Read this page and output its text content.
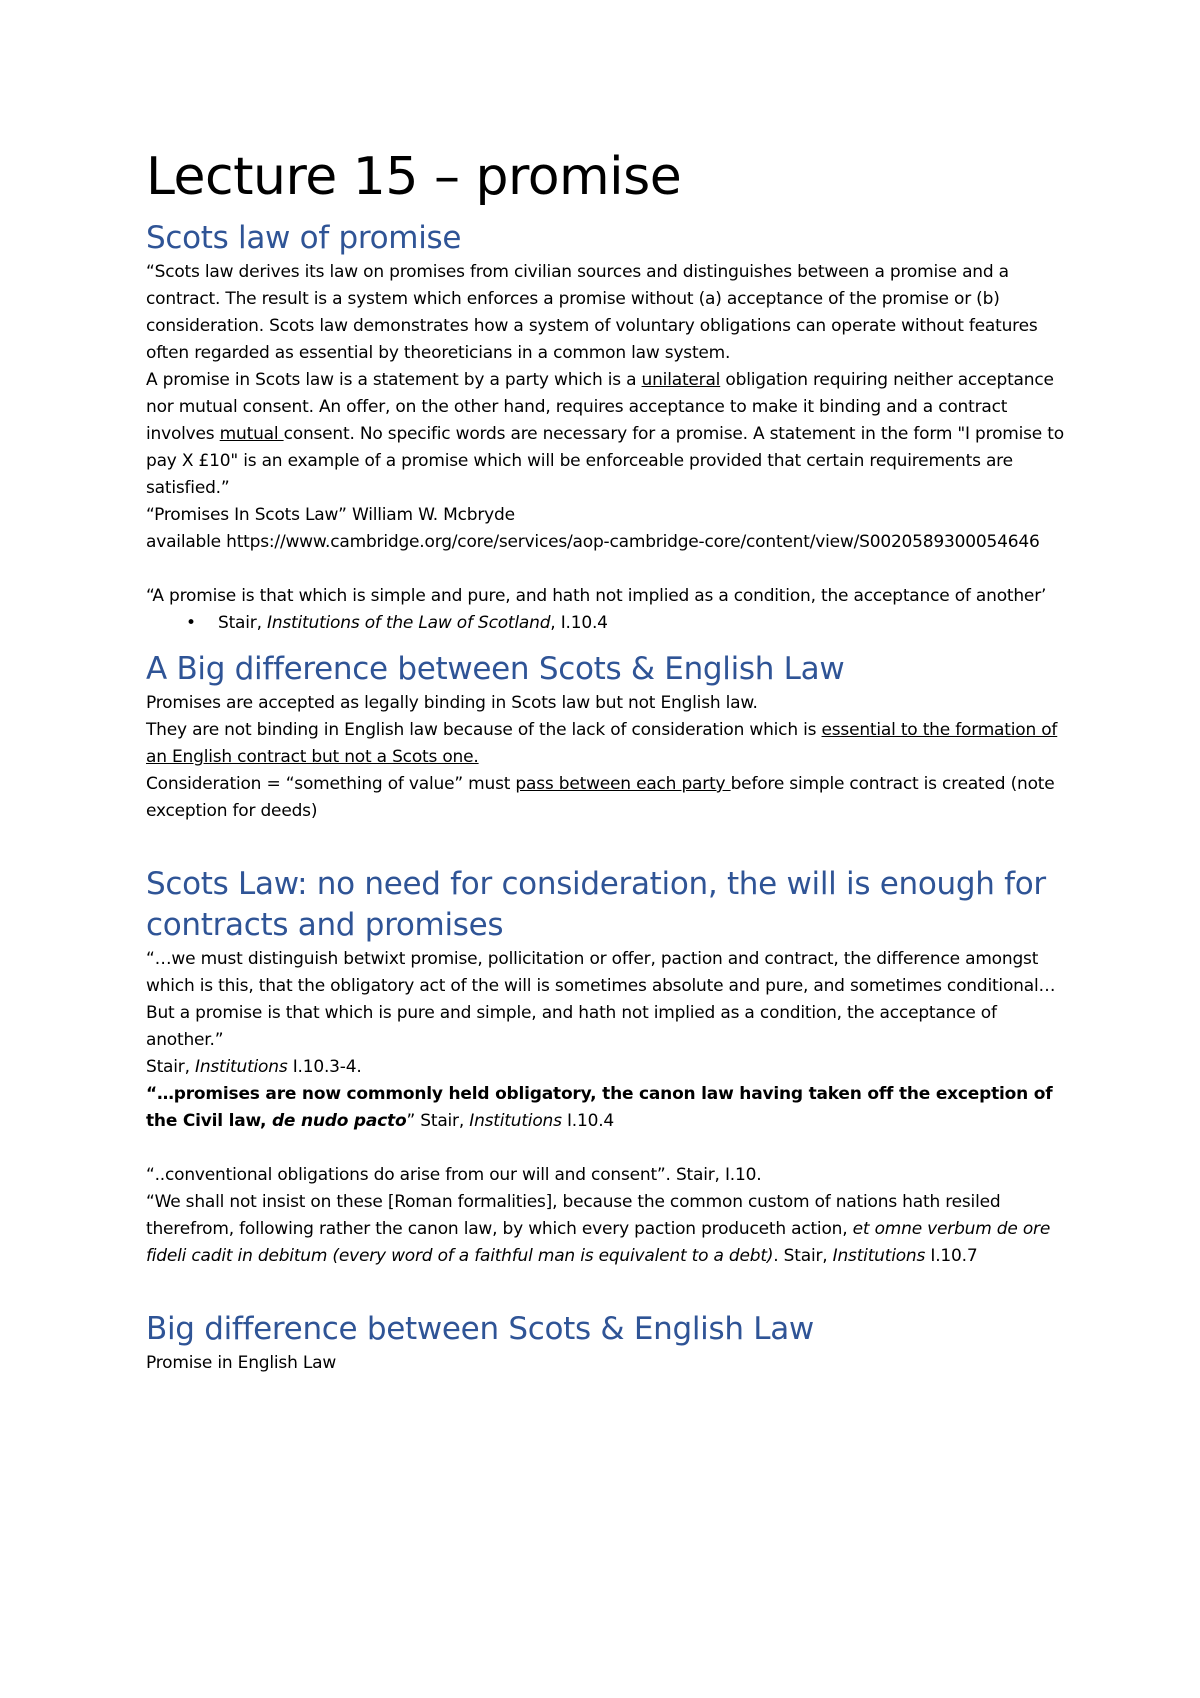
Lecture 15 – promise
Scots law of promise
“Scots law derives its law on promises from civilian sources and distinguishes between a promise and a contract. The result is a system which enforces a promise without (a) acceptance of the promise or (b) consideration. Scots law demonstrates how a system of voluntary obligations can operate without features often regarded as essential by theoreticians in a common law system.
A promise in Scots law is a statement by a party which is a unilateral obligation requiring neither acceptance nor mutual consent. An offer, on the other hand, requires acceptance to make it binding and a contract involves mutual consent. No specific words are necessary for a promise. A statement in the form "I promise to pay X £10" is an example of a promise which will be enforceable provided that certain requirements are satisfied.”
“Promises In Scots Law” William W. Mcbryde
available https://www.cambridge.org/core/services/aop-cambridge-core/content/view/S0020589300054646
“A promise is that which is simple and pure, and hath not implied as a condition, the acceptance of another’
• Stair, Institutions of the Law of Scotland, I.10.4
A Big difference between Scots & English Law
Promises are accepted as legally binding in Scots law but not English law.
They are not binding in English law because of the lack of consideration which is essential to the formation of an English contract but not a Scots one.
Consideration = “something of value” must pass between each party before simple contract is created (note exception for deeds)
Scots Law: no need for consideration, the will is enough for contracts and promises
“…we must distinguish betwixt promise, pollicitation or offer, paction and contract, the difference amongst which is this, that the obligatory act of the will is sometimes absolute and pure, and sometimes conditional…But a promise is that which is pure and simple, and hath not implied as a condition, the acceptance of another.”
Stair, Institutions I.10.3-4.
“…promises are now commonly held obligatory, the canon law having taken off the exception of the Civil law, de nudo pacto” Stair, Institutions I.10.4
“..conventional obligations do arise from our will and consent”. Stair, I.10.
“We shall not insist on these [Roman formalities], because the common custom of nations hath resiled therefrom, following rather the canon law, by which every paction produceth action, et omne verbum de ore fideli cadit in debitum (every word of a faithful man is equivalent to a debt). Stair, Institutions I.10.7
Big difference between Scots & English Law
Promise in English Law
